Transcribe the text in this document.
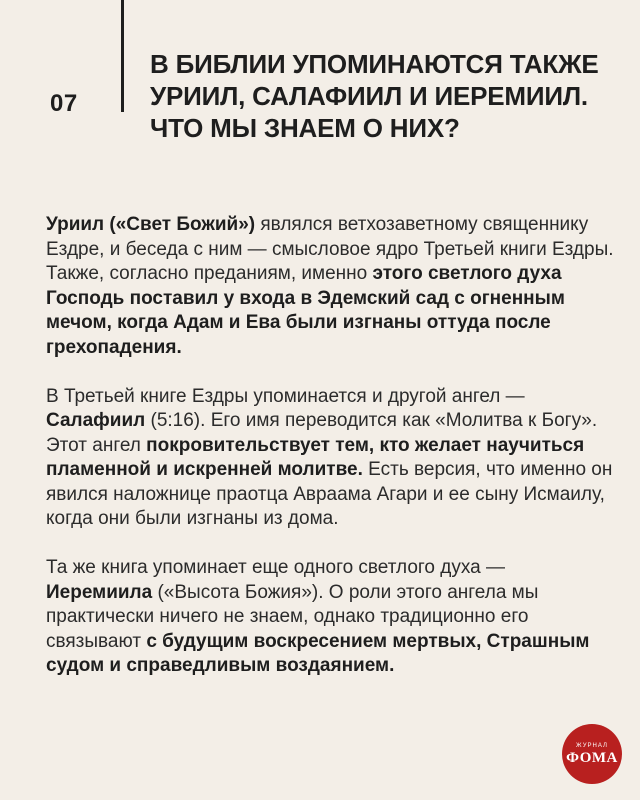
07
В БИБЛИИ УПОМИНАЮТСЯ ТАКЖЕ УРИИЛ, САЛАФИИЛ И ИЕРЕМИИЛ. ЧТО МЫ ЗНАЕМ О НИХ?

Уриил («Свет Божий») являлся ветхозаветному священнику Ездре, и беседа с ним — смысловое ядро Третьей книги Ездры. Также, согласно преданиям, именно этого светлого духа Господь поставил у входа в Эдемский сад с огненным мечом, когда Адам и Ева были изгнаны оттуда после грехопадения.

В Третьей книге Ездры упоминается и другой ангел — Салафиил (5:16). Его имя переводится как «Молитва к Богу». Этот ангел покровительствует тем, кто желает научиться пламенной и искренней молитве. Есть версия, что именно он явился наложнице праотца Авраама Агари и ее сыну Исмаилу, когда они были изгнаны из дома.

Та же книга упоминает еще одного светлого духа — Иеремиила («Высота Божия»). О роли этого ангела мы практически ничего не знаем, однако традиционно его связывают с будущим воскресением мертвых, Страшным судом и справедливым воздаянием.

ЖУРНАЛ
ФОМА
